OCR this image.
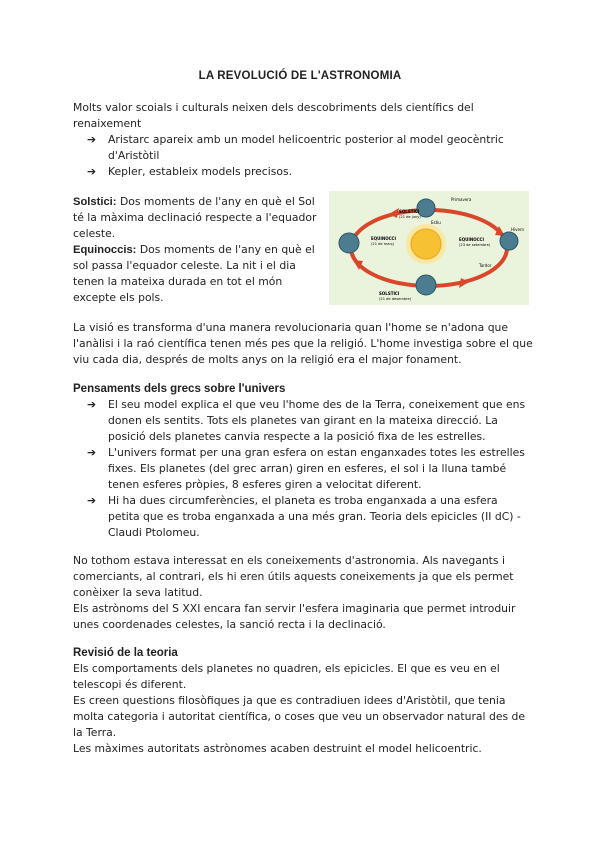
LA REVOLUCIÓ DE L'ASTRONOMIA

Molts valor scoials i culturals neixen dels descobriments dels científics del renaixement

➔ Aristarc apareix amb un model helicoentric posterior al model geocèntric d'Aristòtil
➔ Kepler, estableix models precisos.

Solstici: Dos moments de l'any en què el Sol té la màxima declinació respecte a l'equador celeste.

Equinoccis: Dos moments de l'any en què el sol passa l'equador celeste. La nit i el dia tenen la mateixa durada en tot el món excepte els pols.

Primavera
Estiu
Hivern
Tardor
SOLSTICI
(21 de juny)
EQUINOCCI
(21 de març)
EQUINOCCI
(23 de setembre)
SOLSTICI
(21 de desembre)

La visió es transforma d'una manera revolucionaria quan l'home se n'adona que l'anàlisi i la raó científica tenen més pes que la religió. L'home investiga sobre el que viu cada dia, després de molts anys on la religió era el major fonament.

Pensaments dels grecs sobre l'univers
➔ El seu model explica el que veu l'home des de la Terra, coneixement que ens donen els sentits. Tots els planetes van girant en la mateixa direcció. La posició dels planetes canvia respecte a la posició fixa de les estrelles.
➔ L'univers format per una gran esfera on estan enganxades totes les estrelles fixes. Els planetes (del grec arran) giren en esferes, el sol i la lluna també tenen esferes pròpies, 8 esferes giren a velocitat diferent.
➔ Hi ha dues circumferències, el planeta es troba enganxada a una esfera petita que es troba enganxada a una més gran. Teoria dels epicicles (II dC) - Claudi Ptolomeu.

No tothom estava interessat en els coneixements d'astronomia. Als navegants i comerciants, al contrari, els hi eren útils aquests coneixements ja que els permet conèixer la seva latitud.

Els astrònoms del S XXI encara fan servir l'esfera imaginaria que permet introduir unes coordenades celestes, la sanció recta i la declinació.

Revisió de la teoria

Els comportaments dels planetes no quadren, els epicicles. El que es veu en el telescopi és diferent.

Es creen questions filosòfiques ja que es contradiuen idees d'Aristòtil, que tenia molta categoria i autoritat científica, o coses que veu un observador natural des de la Terra.

Les màximes autoritats astrònomes acaben destruint el model helicoentric.
